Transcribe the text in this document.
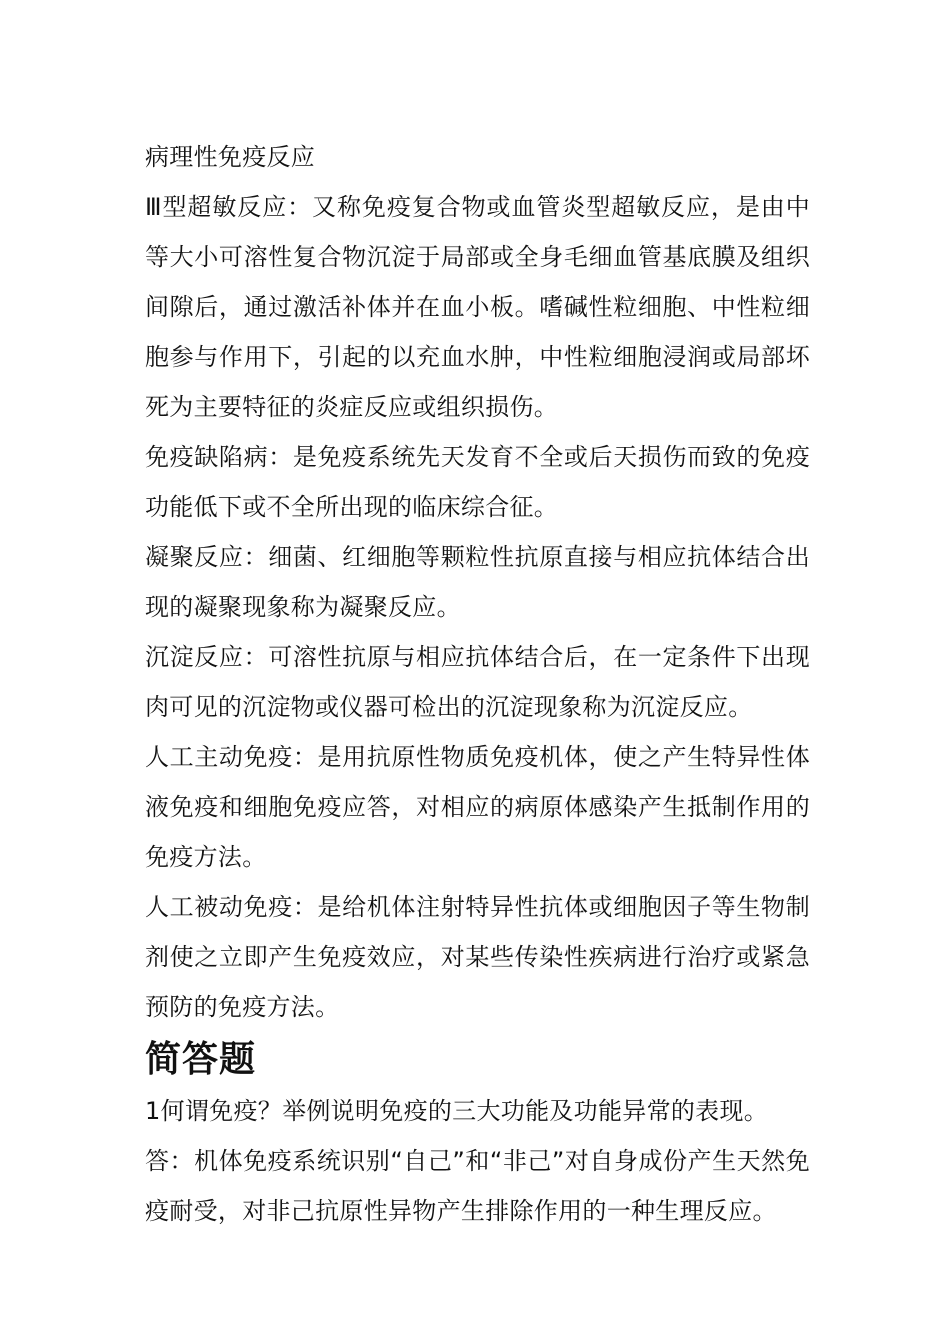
病理性免疫反应

Ⅲ型超敏反应：又称免疫复合物或血管炎型超敏反应，是由中等大小可溶性复合物沉淀于局部或全身毛细血管基底膜及组织间隙后，通过激活补体并在血小板。嗜碱性粒细胞、中性粒细胞参与作用下，引起的以充血水肿，中性粒细胞浸润或局部坏死为主要特征的炎症反应或组织损伤。

免疫缺陷病：是免疫系统先天发育不全或后天损伤而致的免疫功能低下或不全所出现的临床综合征。

凝聚反应：细菌、红细胞等颗粒性抗原直接与相应抗体结合出现的凝聚现象称为凝聚反应。

沉淀反应：可溶性抗原与相应抗体结合后，在一定条件下出现肉可见的沉淀物或仪器可检出的沉淀现象称为沉淀反应。

人工主动免疫：是用抗原性物质免疫机体，使之产生特异性体液免疫和细胞免疫应答，对相应的病原体感染产生抵制作用的免疫方法。

人工被动免疫：是给机体注射特异性抗体或细胞因子等生物制剂使之立即产生免疫效应，对某些传染性疾病进行治疗或紧急预防的免疫方法。

简答题

1何谓免疫？举例说明免疫的三大功能及功能异常的表现。

答：机体免疫系统识别“自己”和“非己”对自身成份产生天然免疫耐受，对非己抗原性异物产生排除作用的一种生理反应。
